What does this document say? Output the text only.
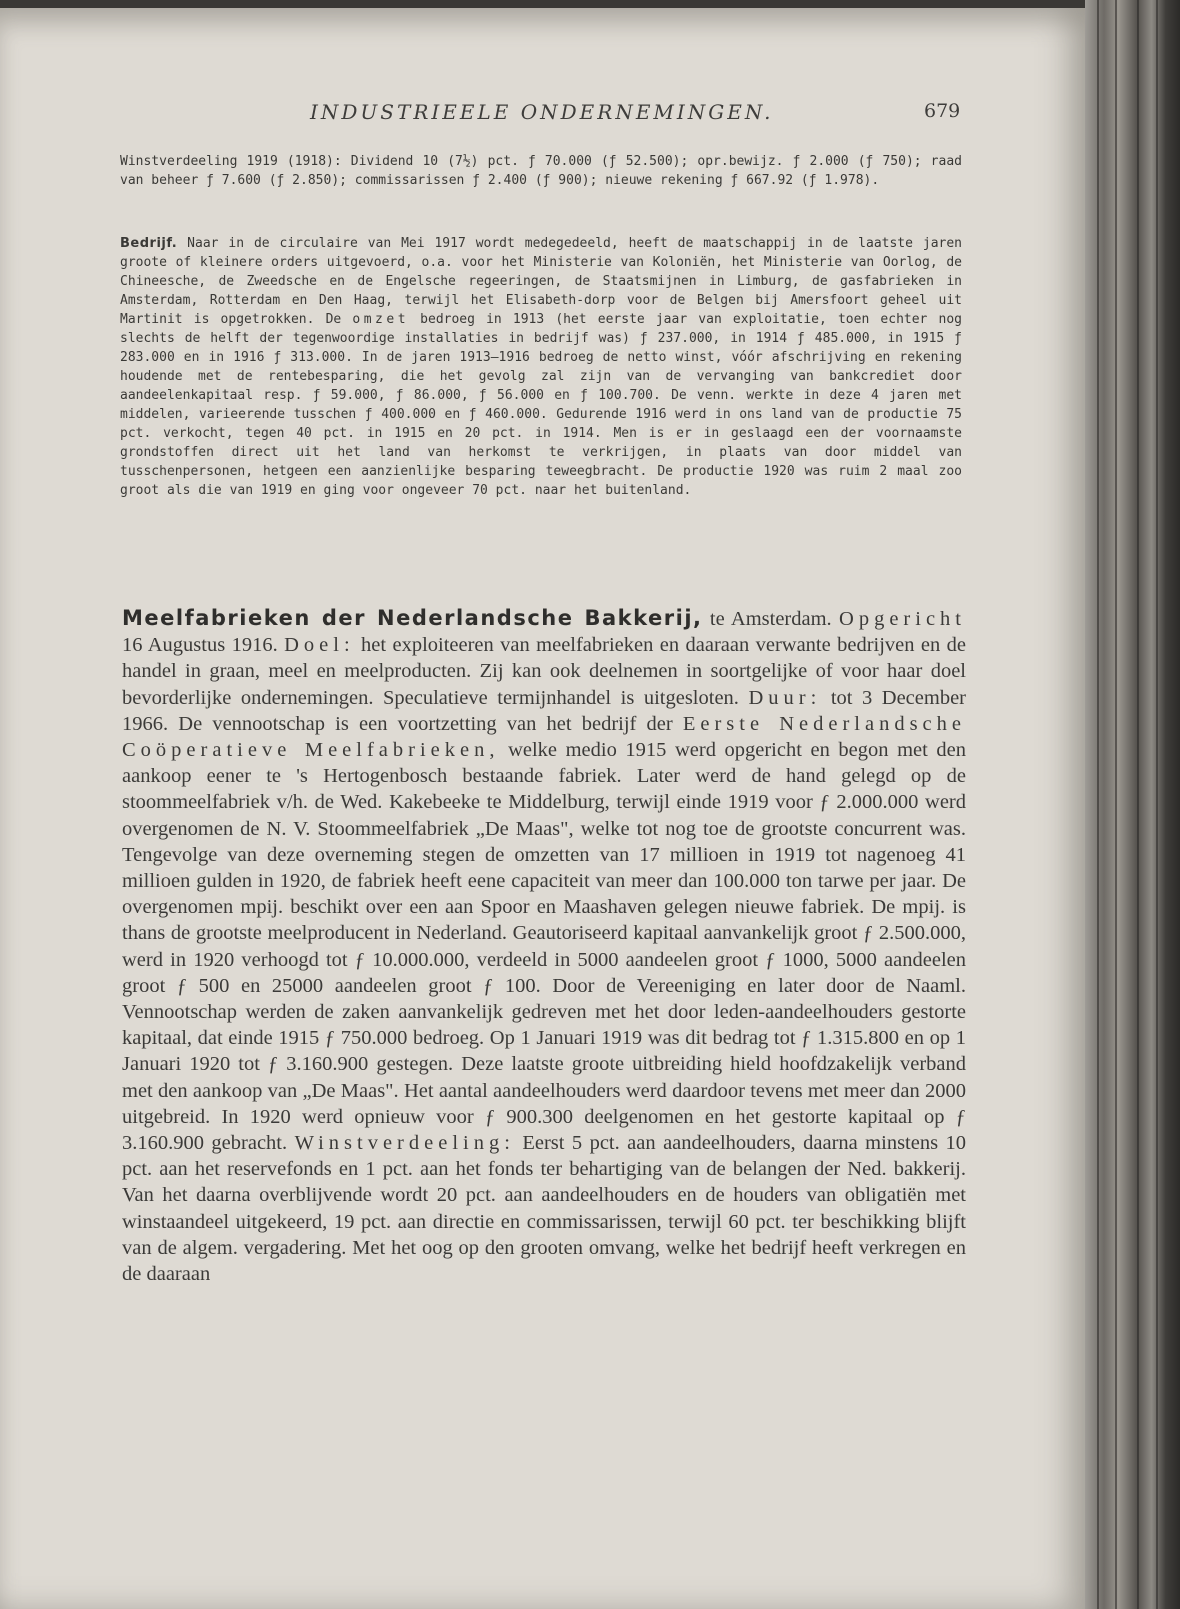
INDUSTRIEELE ONDERNEMINGEN.	679

Winstverdeeling 1919 (1918): Dividend 10 (7½) pct. ƒ 70.000 (ƒ 52.500); opr.bewijz. ƒ 2.000 (ƒ 750); raad van beheer ƒ 7.600 (ƒ 2.850); commissarissen ƒ 2.400 (ƒ 900); nieuwe rekening ƒ 667.92 (ƒ 1.978).

Bedrijf. Naar in de circulaire van Mei 1917 wordt medegedeeld, heeft de maatschappij in de laatste jaren groote of kleinere orders uitgevoerd, o.a. voor het Ministerie van Koloniën, het Ministerie van Oorlog, de Chineesche, de Zweedsche en de Engelsche regeeringen, de Staatsmijnen in Limburg, de gasfabrieken in Amsterdam, Rotterdam en Den Haag, terwijl het Elisabeth-dorp voor de Belgen bij Amersfoort geheel uit Martinit is opgetrokken. De omzet bedroeg in 1913 (het eerste jaar van exploitatie, toen echter nog slechts de helft der tegenwoordige installaties in bedrijf was) ƒ 237.000, in 1914 ƒ 485.000, in 1915 ƒ 283.000 en in 1916 ƒ 313.000. In de jaren 1913—1916 bedroeg de netto winst, vóór afschrijving en rekening houdende met de rentebesparing, die het gevolg zal zijn van de vervanging van bankcrediet door aandeelenkapitaal resp. ƒ 59.000, ƒ 86.000, ƒ 56.000 en ƒ 100.700. De venn. werkte in deze 4 jaren met middelen, varieerende tusschen ƒ 400.000 en ƒ 460.000. Gedurende 1916 werd in ons land van de productie 75 pct. verkocht, tegen 40 pct. in 1915 en 20 pct. in 1914. Men is er in geslaagd een der voornaamste grondstoffen direct uit het land van herkomst te verkrijgen, in plaats van door middel van tusschenpersonen, hetgeen een aanzienlijke besparing teweegbracht. De productie 1920 was ruim 2 maal zoo groot als die van 1919 en ging voor ongeveer 70 pct. naar het buitenland.

Meelfabrieken der Nederlandsche Bakkerij, te Amsterdam. Opgericht 16 Augustus 1916. Doel: het exploiteeren van meelfabrieken en daaraan verwante bedrijven en de handel in graan, meel en meelproducten. Zij kan ook deelnemen in soortgelijke of voor haar doel bevorderlijke ondernemingen. Speculatieve termijnhandel is uitgesloten. Duur: tot 3 December 1966. De vennootschap is een voortzetting van het bedrijf der Eerste Nederlandsche Coöperatieve Meelfabrieken, welke medio 1915 werd opgericht en begon met den aankoop eener te 's Hertogenbosch bestaande fabriek. Later werd de hand gelegd op de stoommeelfabriek v/h. de Wed. Kakebeeke te Middelburg, terwijl einde 1919 voor ƒ 2.000.000 werd overgenomen de N. V. Stoommeelfabriek „De Maas", welke tot nog toe de grootste concurrent was. Tengevolge van deze overneming stegen de omzetten van 17 millioen in 1919 tot nagenoeg 41 millioen gulden in 1920, de fabriek heeft eene capaciteit van meer dan 100.000 ton tarwe per jaar. De overgenomen mpij. beschikt over een aan Spoor en Maashaven gelegen nieuwe fabriek. De mpij. is thans de grootste meelproducent in Nederland. Geautoriseerd kapitaal aanvankelijk groot ƒ 2.500.000, werd in 1920 verhoogd tot ƒ 10.000.000, verdeeld in 5000 aandeelen groot ƒ 1000, 5000 aandeelen groot ƒ 500 en 25000 aandeelen groot ƒ 100. Door de Vereeniging en later door de Naaml. Vennootschap werden de zaken aanvankelijk gedreven met het door leden-aandeelhouders gestorte kapitaal, dat einde 1915 ƒ 750.000 bedroeg. Op 1 Januari 1919 was dit bedrag tot ƒ 1.315.800 en op 1 Januari 1920 tot ƒ 3.160.900 gestegen. Deze laatste groote uitbreiding hield hoofdzakelijk verband met den aankoop van „De Maas". Het aantal aandeelhouders werd daardoor tevens met meer dan 2000 uitgebreid. In 1920 werd opnieuw voor ƒ 900.300 deelgenomen en het gestorte kapitaal op ƒ 3.160.900 gebracht. Winstverdeeling: Eerst 5 pct. aan aandeelhouders, daarna minstens 10 pct. aan het reservefonds en 1 pct. aan het fonds ter behartiging van de belangen der Ned. bakkerij. Van het daarna overblijvende wordt 20 pct. aan aandeelhouders en de houders van obligatiën met winstaandeel uitgekeerd, 19 pct. aan directie en commissarissen, terwijl 60 pct. ter beschikking blijft van de algem. vergadering. Met het oog op den grooten omvang, welke het bedrijf heeft verkregen en de daaraan
